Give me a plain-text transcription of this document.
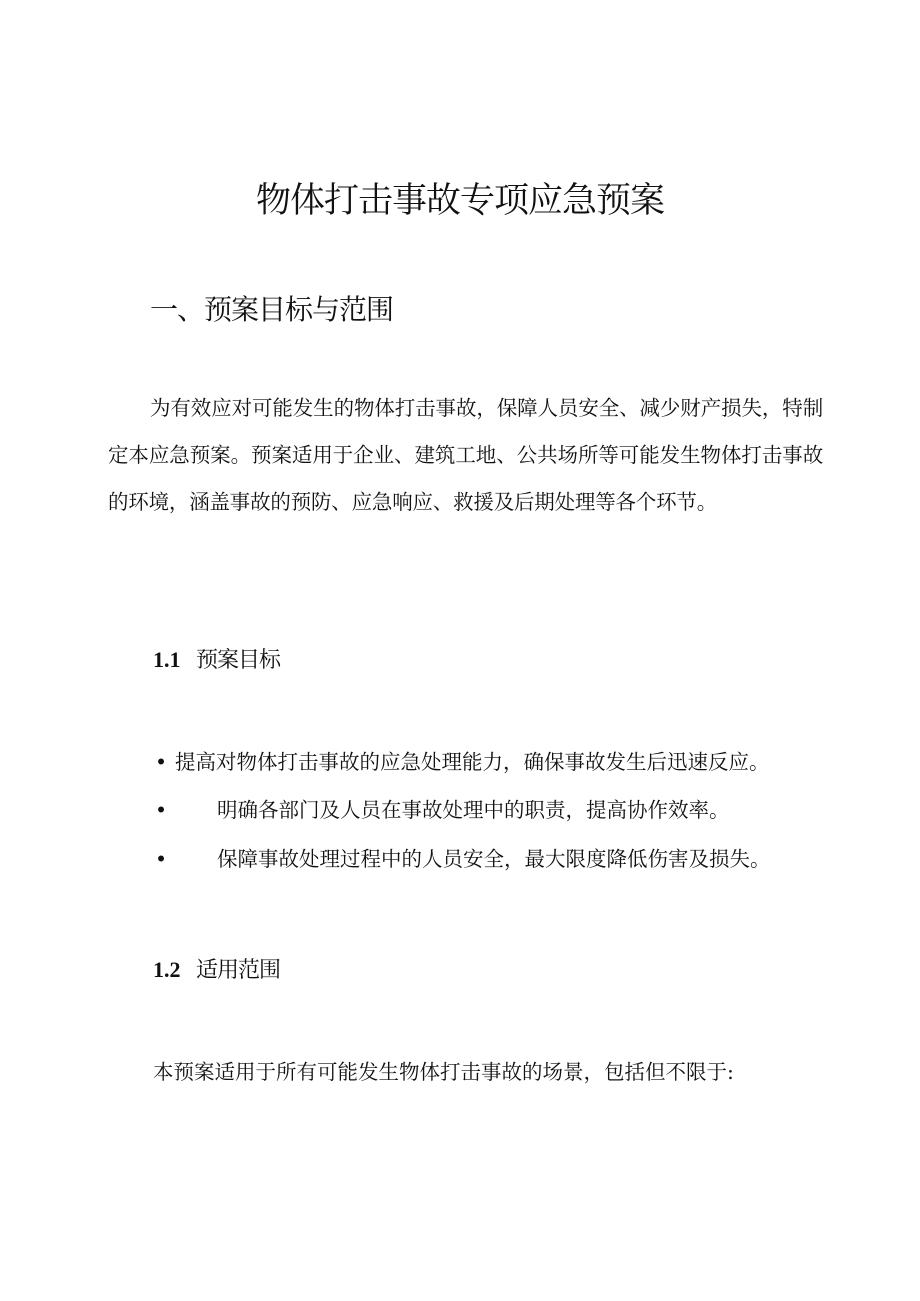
物体打击事故专项应急预案
一、预案目标与范围

为有效应对可能发生的物体打击事故，保障人员安全、减少财产损失，特制定本应急预案。预案适用于企业、建筑工地、公共场所等可能发生物体打击事故的环境，涵盖事故的预防、应急响应、救援及后期处理等各个环节。

1.1 预案目标
• 提高对物体打击事故的应急处理能力，确保事故发生后迅速反应。
• 明确各部门及人员在事故处理中的职责，提高协作效率。
• 保障事故处理过程中的人员安全，最大限度降低伤害及损失。
1.2 适用范围

本预案适用于所有可能发生物体打击事故的场景，包括但不限于:
